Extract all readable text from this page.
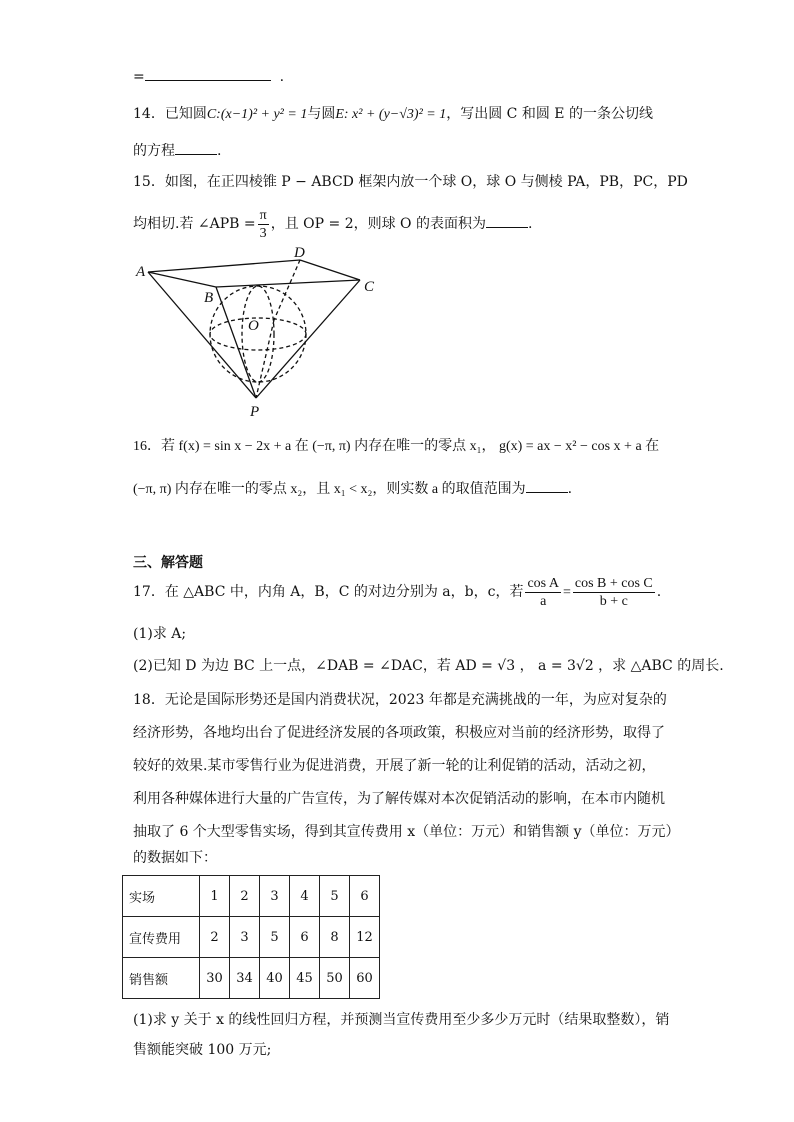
=	.
14．已知圆C:(x−1)² + y² = 1与圆E: x² + (y−√3)² = 1，写出圆 C 和圆 E 的一条公切线
的方程	.
15．如图，在正四棱锥 P − ABCD 框架内放一个球 O，球 O 与侧棱 PA，PB，PC，PD
均相切.若 ∠APB = $\frac{\pi}{3}$ ，且 OP = 2，则球 O 的表面积为	.
A
B
C
D
O
P
16．若 f(x) = sin x − 2x + a 在 (−π, π) 内存在唯一的零点 x₁， g(x) = ax − x² − cos x + a 在
(−π, π) 内存在唯一的零点 x₂，且 x₁ < x₂，则实数 a 的取值范围为	.
三、解答题
17．在 △ABC 中，内角 A，B，C 的对边分别为 a，b，c，若 $\frac{\text{cos A}}{a} = \frac{\text{cos B + cos C}}{b + c}$ .
(1)求 A;
(2)已知 D 为边 BC 上一点，∠DAB = ∠DAC，若 AD = √3 ， a = 3√2 ，求 △ABC 的周长.
18．无论是国际形势还是国内消费状况，2023 年都是充满挑战的一年，为应对复杂的
经济形势，各地均出台了促进经济发展的各项政策，积极应对当前的经济形势，取得了
较好的效果.某市零售行业为促进消费，开展了新一轮的让利促销的活动，活动之初，
利用各种媒体进行大量的广告宣传，为了解传媒对本次促销活动的影响，在本市内随机
抽取了 6 个大型零售实场，得到其宣传费用 x（单位：万元）和销售额 y（单位：万元）
的数据如下：
实场	1	2	3	4	5	6
宣传费用	2	3	5	6	8	12
销售额	30	34	40	45	50	60
(1)求 y 关于 x 的线性回归方程，并预测当宣传费用至少多少万元时（结果取整数），销
售额能突破 100 万元;
